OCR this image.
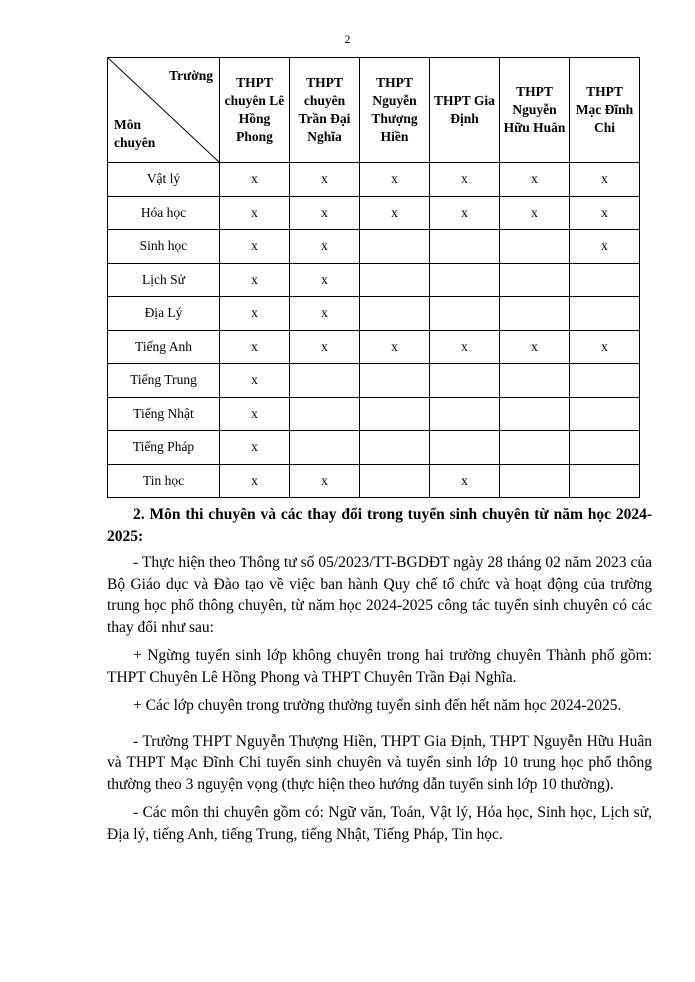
2
Trường
Môn chuyên	THPT chuyên Lê Hồng Phong	THPT chuyên Trần Đại Nghĩa	THPT Nguyễn Thượng Hiền	THPT Gia Định	THPT Nguyễn Hữu Huân	THPT Mạc Đĩnh Chi

Vật lý	x	x	x	x	x	x
Hóa học	x	x	x	x	x	x
Sinh học	x	x				x
Lịch Sử	x	x				
Địa Lý	x	x				
Tiếng Anh	x	x	x	x	x	x
Tiếng Trung	x					
Tiếng Nhật	x					
Tiếng Pháp	x					
Tin học	x	x		x		

2. Môn thi chuyên và các thay đổi trong tuyển sinh chuyên từ năm học 2024-2025:

- Thực hiện theo Thông tư số 05/2023/TT-BGDĐT ngày 28 tháng 02 năm 2023 của Bộ Giáo dục và Đào tạo về việc ban hành Quy chế tổ chức và hoạt động của trường trung học phổ thông chuyên, từ năm học 2024-2025 công tác tuyển sinh chuyên có các thay đổi như sau:

+ Ngừng tuyển sinh lớp không chuyên trong hai trường chuyên Thành phố gồm: THPT Chuyên Lê Hồng Phong và THPT Chuyên Trần Đại Nghĩa.

+ Các lớp chuyên trong trường thường tuyển sinh đến hết năm học 2024-2025.

- Trường THPT Nguyễn Thượng Hiền, THPT Gia Định, THPT Nguyễn Hữu Huân và THPT Mạc Đĩnh Chi tuyển sinh chuyên và tuyển sinh lớp 10 trung học phổ thông thường theo 3 nguyện vọng (thực hiện theo hướng dẫn tuyển sinh lớp 10 thường).

- Các môn thi chuyên gồm có: Ngữ văn, Toán, Vật lý, Hóa học, Sinh học, Lịch sử, Địa lý, tiếng Anh, tiếng Trung, tiếng Nhật, Tiếng Pháp, Tin học.
